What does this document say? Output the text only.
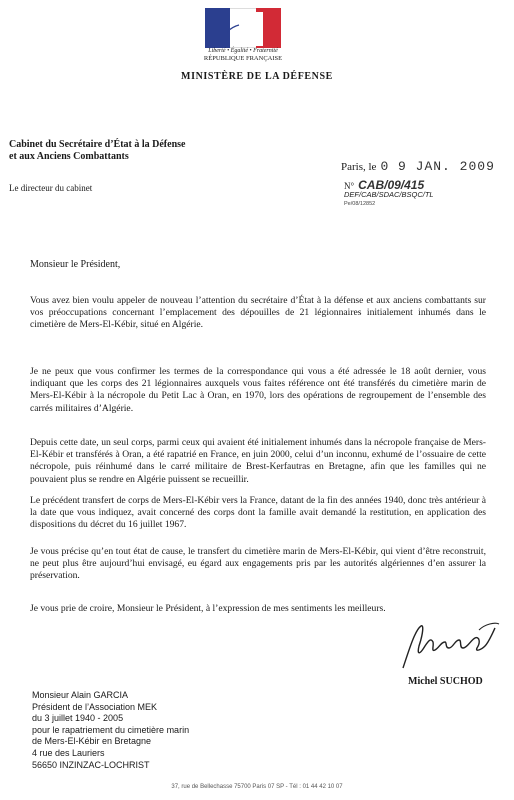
Liberté • Égalité • Fraternité
RÉPUBLIQUE FRANÇAISE
MINISTÈRE DE LA DÉFENSE
Cabinet du Secrétaire d’État à la Défense
et aux Anciens Combattants
Le directeur du cabinet
Paris, le 0 9 JAN. 2009
N° CAB/09/415
DEF/CAB/SDAC/BSQC/TL
Pe/08/12852
Monsieur le Président,
Vous avez bien voulu appeler de nouveau l’attention du secrétaire d’État à la défense et aux anciens combattants sur vos préoccupations concernant l’emplacement des dépouilles de 21 légionnaires initialement inhumés dans le cimetière de Mers-El-Kébir, situé en Algérie.
Je ne peux que vous confirmer les termes de la correspondance qui vous a été adressée le 18 août dernier, vous indiquant que les corps des 21 légionnaires auxquels vous faites référence ont été transférés du cimetière marin de Mers-El-Kébir à la nécropole du Petit Lac à Oran, en 1970, lors des opérations de regroupement de l’ensemble des carrés militaires d’Algérie.
Depuis cette date, un seul corps, parmi ceux qui avaient été initialement inhumés dans la nécropole française de Mers-El-Kébir et transférés à Oran, a été rapatrié en France, en juin 2000, celui d’un inconnu, exhumé de l’ossuaire de cette nécropole, puis réinhumé dans le carré militaire de Brest-Kerfautras en Bretagne, afin que les familles qui ne pouvaient plus se rendre en Algérie puissent se recueillir.
Le précédent transfert de corps de Mers-El-Kébir vers la France, datant de la fin des années 1940, donc très antérieur à la date que vous indiquez, avait concerné des corps dont la famille avait demandé la restitution, en application des dispositions du décret du 16 juillet 1967.
Je vous précise qu’en tout état de cause, le transfert du cimetière marin de Mers-El-Kébir, qui vient d’être reconstruit, ne peut plus être aujourd’hui envisagé, eu égard aux engagements pris par les autorités algériennes d’en assurer la préservation.
Je vous prie de croire, Monsieur le Président, à l’expression de mes sentiments les meilleurs.
Michel SUCHOD
Monsieur Alain GARCIA
Président de l’Association MEK
du 3 juillet 1940 - 2005
pour le rapatriement du cimetière marin
de Mers-El-Kébir en Bretagne
4 rue des Lauriers
56650 INZINZAC-LOCHRIST
37, rue de Bellechasse 75700 Paris 07 SP - Tél : 01 44 42 10 07
